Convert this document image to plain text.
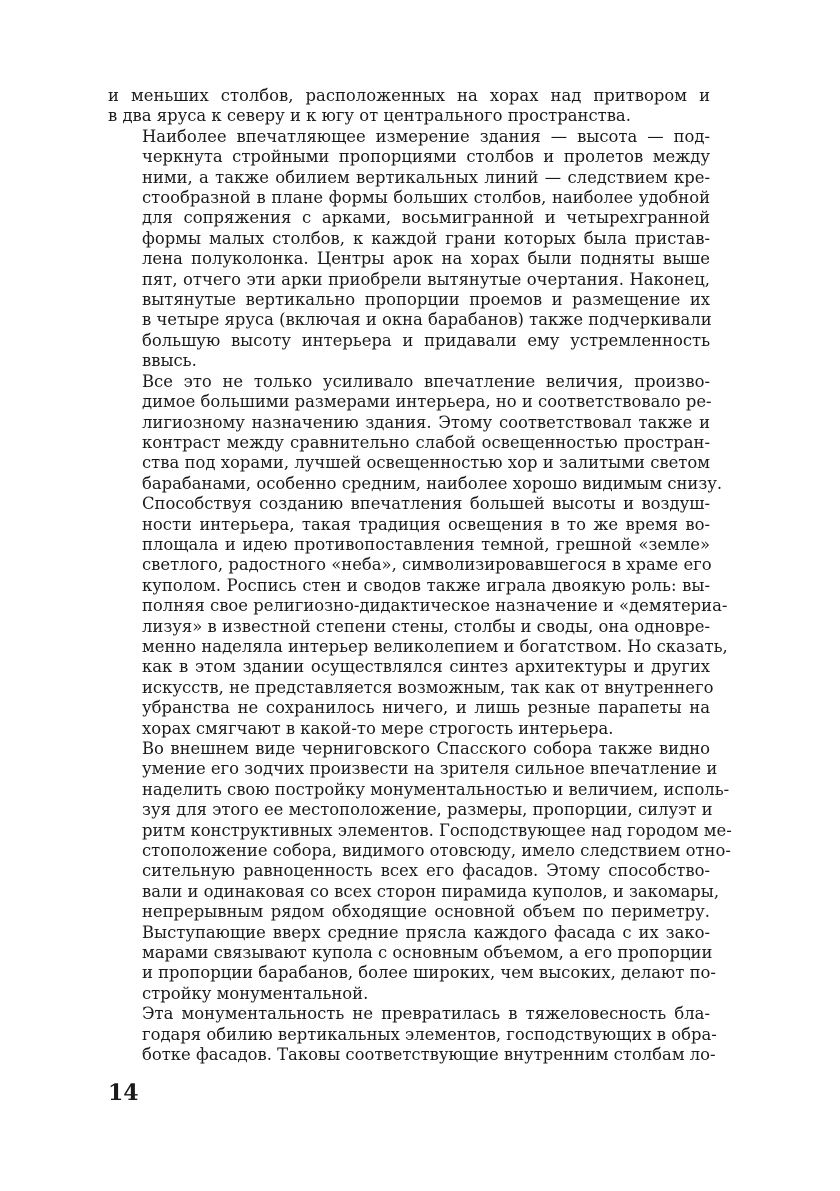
и меньших столбов, расположенных на хорах над притвором и
в два яруса к северу и к югу от центрального пространства.
Наиболее впечатляющее измерение здания — высота — под-
черкнута стройными пропорциями столбов и пролетов между
ними, а также обилием вертикальных линий — следствием кре-
стообразной в плане формы больших столбов, наиболее удобной
для сопряжения с арками, восьмигранной и четырехгранной
формы малых столбов, к каждой грани которых была пристав-
лена полуколонка. Центры арок на хорах были подняты выше
пят, отчего эти арки приобрели вытянутые очертания. Наконец,
вытянутые вертикально пропорции проемов и размещение их
в четыре яруса (включая и окна барабанов) также подчеркивали
большую высоту интерьера и придавали ему устремленность
ввысь.
Все это не только усиливало впечатление величия, произво-
димое большими размерами интерьера, но и соответствовало ре-
лигиозному назначению здания. Этому соответствовал также и
контраст между сравнительно слабой освещенностью простран-
ства под хорами, лучшей освещенностью хор и залитыми светом
барабанами, особенно средним, наиболее хорошо видимым снизу.
Способствуя созданию впечатления большей высоты и воздуш-
ности интерьера, такая традиция освещения в то же время во-
площала и идею противопоставления темной, грешной «земле»
светлого, радостного «неба», символизировавшегося в храме его
куполом. Роспись стен и сводов также играла двоякую роль: вы-
полняя свое религиозно-дидактическое назначение и «демятериа-
лизуя» в известной степени стены, столбы и своды, она одновре-
менно наделяла интерьер великолепием и богатством. Но сказать,
как в этом здании осуществлялся синтез архитектуры и других
искусств, не представляется возможным, так как от внутреннего
убранства не сохранилось ничего, и лишь резные парапеты на
хорах смягчают в какой-то мере строгость интерьера.
Во внешнем виде черниговского Спасского собора также видно
умение его зодчих произвести на зрителя сильное впечатление и
наделить свою постройку монументальностью и величием, исполь-
зуя для этого ее местоположение, размеры, пропорции, силуэт и
ритм конструктивных элементов. Господствующее над городом ме-
стоположение собора, видимого отовсюду, имело следствием отно-
сительную равноценность всех его фасадов. Этому способство-
вали и одинаковая со всех сторон пирамида куполов, и закомары,
непрерывным рядом обходящие основной объем по периметру.
Выступающие вверх средние прясла каждого фасада с их зако-
марами связывают купола с основным объемом, а его пропорции
и пропорции барабанов, более широких, чем высоких, делают по-
стройку монументальной.
Эта монументальность не превратилась в тяжеловесность бла-
годаря обилию вертикальных элементов, господствующих в обра-
ботке фасадов. Таковы соответствующие внутренним столбам ло-
14
